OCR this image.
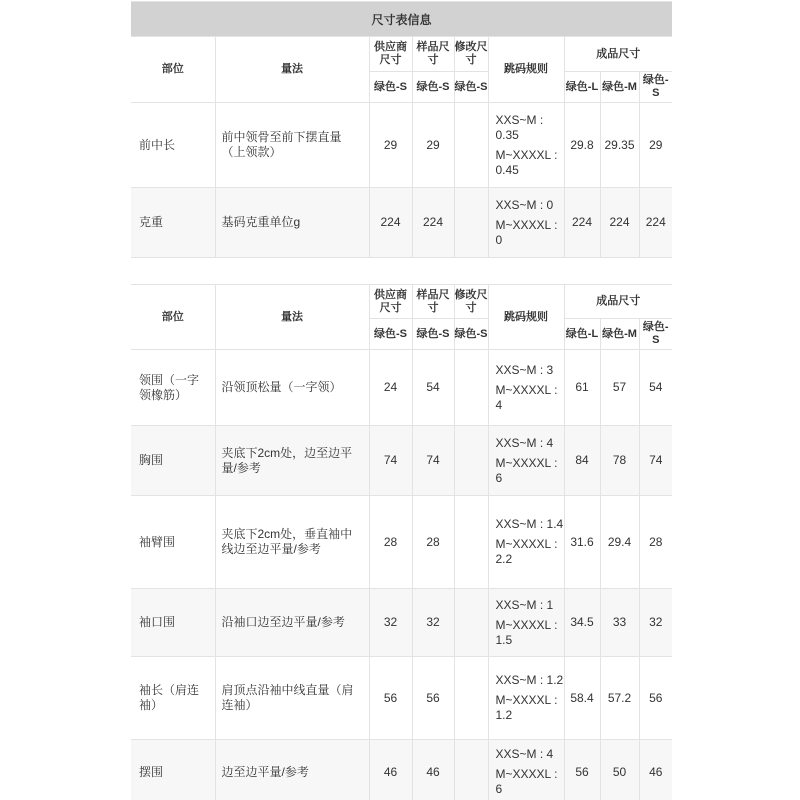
尺寸表信息
部位	量法	供应商尺寸	样品尺寸	修改尺寸	跳码规则	成品尺寸		
		绿色-S	绿色-S	绿色-S		绿色-L	绿色-M	绿色-S
前中长	前中领骨至前下摆直量（上领款）	29	29		XXS~M : 0.35
M~XXXXL : 0.45	29.8	29.35	29
克重	基码克重单位g	224	224		XXS~M : 0
M~XXXXL : 0	224	224	224
部位	量法	供应商尺寸	样品尺寸	修改尺寸	跳码规则	成品尺寸		
		绿色-S	绿色-S	绿色-S		绿色-L	绿色-M	绿色-S
领围（一字领橡筋）	沿领顶松量（一字领）	24	54		XXS~M : 3
M~XXXXL : 4	61	57	54
胸围	夹底下2cm处，边至边平量/参考	74	74		XXS~M : 4
M~XXXXL : 6	84	78	74
袖臂围	夹底下2cm处，垂直袖中线边至边平量/参考	28	28		XXS~M : 1.4
M~XXXXL : 2.2	31.6	29.4	28
袖口围	沿袖口边至边平量/参考	32	32		XXS~M : 1
M~XXXXL : 1.5	34.5	33	32
袖长（肩连袖）	肩顶点沿袖中线直量（肩连袖）	56	56		XXS~M : 1.2
M~XXXXL : 1.2	58.4	57.2	56
摆围	边至边平量/参考	46	46		XXS~M : 4
M~XXXXL : 6	56	50	46
